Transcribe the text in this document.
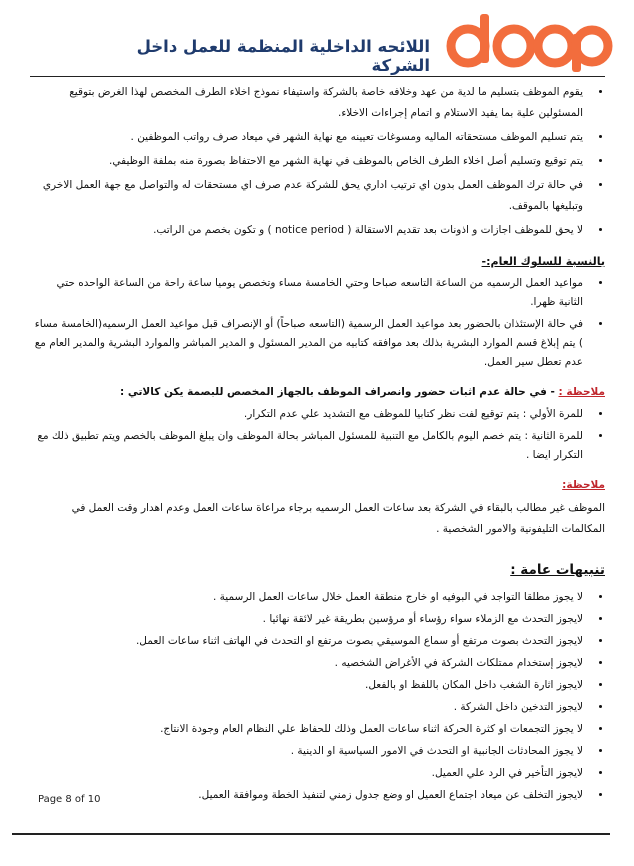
اللائحه الداخلية المنظمة للعمل داخل الشركة
• يقوم الموظف بتسليم ما لدية من عهد وخلافه خاصة بالشركة واستيفاء نموذج اخلاء الطرف المخصص لهذا الغرض بتوقيع المسئولين علية بما يفيد الاستلام و اتمام إجراءات الاخلاء.
• يتم تسليم الموظف مستحقاته الماليه ومسوغات تعيينه مع نهاية الشهر في ميعاد صرف رواتب الموظفين .
• يتم توقيع وتسليم أصل اخلاء الطرف الخاص بالموظف في نهاية الشهر مع الاحتفاظ بصورة منه بملفة الوظيفي.
• في حالة ترك الموظف العمل بدون اي ترتيب اداري يحق للشركة عدم صرف اي مستحقات له والتواصل مع جهة العمل الاخري وتبليغها بالموقف.
• لا يحق للموظف اجازات و اذونات بعد تقديم الاستقالة ( notice period ) و تكون بخصم من الراتب.
بالنسبة للسلوك العام:-
• مواعيد العمل الرسميه من الساعة التاسعه صباحا وحتي الخامسة مساء وتخصص يوميا ساعة راحة من الساعة الواحده حتي الثانية ظهرا.
• في حالة الإستئذان بالحضور بعد مواعيد العمل الرسمية (التاسعه صباحاً) أو الإنصراف قبل مواعيد العمل الرسميه(الخامسة مساء ) يتم إبلاغ قسم الموارد البشرية بذلك بعد موافقه كتابيه من المدير المسئول و المدير المباشر والموارد البشرية والمدير العام مع عدم تعطل سير العمل.
ملاحظة : - في حالة عدم اثبات حضور وانصراف الموظف بالجهاز المخصص للبصمة يكن كالاتي :
• للمرة الأولي : يتم توقيع لفت نظر كتابيا للموظف مع التشديد علي عدم التكرار.
• للمرة الثانية : يتم خصم اليوم بالكامل مع التنبية للمسئول المباشر بحالة الموظف وان يبلغ الموظف بالخصم ويتم تطبيق ذلك مع التكرار ايضا .
ملاحظة:
الموظف غير مطالب بالبقاء في الشركة بعد ساعات العمل الرسميه برجاء مراعاة ساعات العمل وعدم اهدار وقت العمل في المكالمات التليفونية والامور الشخصية .
تنبيهات عامة :
• لا يجوز مطلقا التواجد في البوفيه او خارج منطقة العمل خلال ساعات العمل الرسمية .
• لايجوز التحدث مع الزملاء سواء رؤساء أو مرؤسين بطريقة غير لائقة نهائيا .
• لايجوز التحدث بصوت مرتفع أو سماع الموسيقي بصوت مرتفع او التحدث في الهاتف اثناء ساعات العمل.
• لايجوز إستخدام ممتلكات الشركة في الأغراض الشخصيه .
• لايجوز اثارة الشغب داخل المكان باللفظ او بالفعل.
• لايجوز التدخين داخل الشركة .
• لا يجوز التجمعات او كثرة الحركة اثناء ساعات العمل وذلك للحفاظ علي النظام العام وجودة الانتاج.
• لا يجوز المحادثات الجانبية او التحدث في الامور السياسية او الدينية .
• لايجوز التأخير في الرد علي العميل.
• لايجوز التخلف عن ميعاد اجتماع العميل او وضع جدول زمني لتنفيذ الخطة وموافقة العميل.
Page 8 of 10
